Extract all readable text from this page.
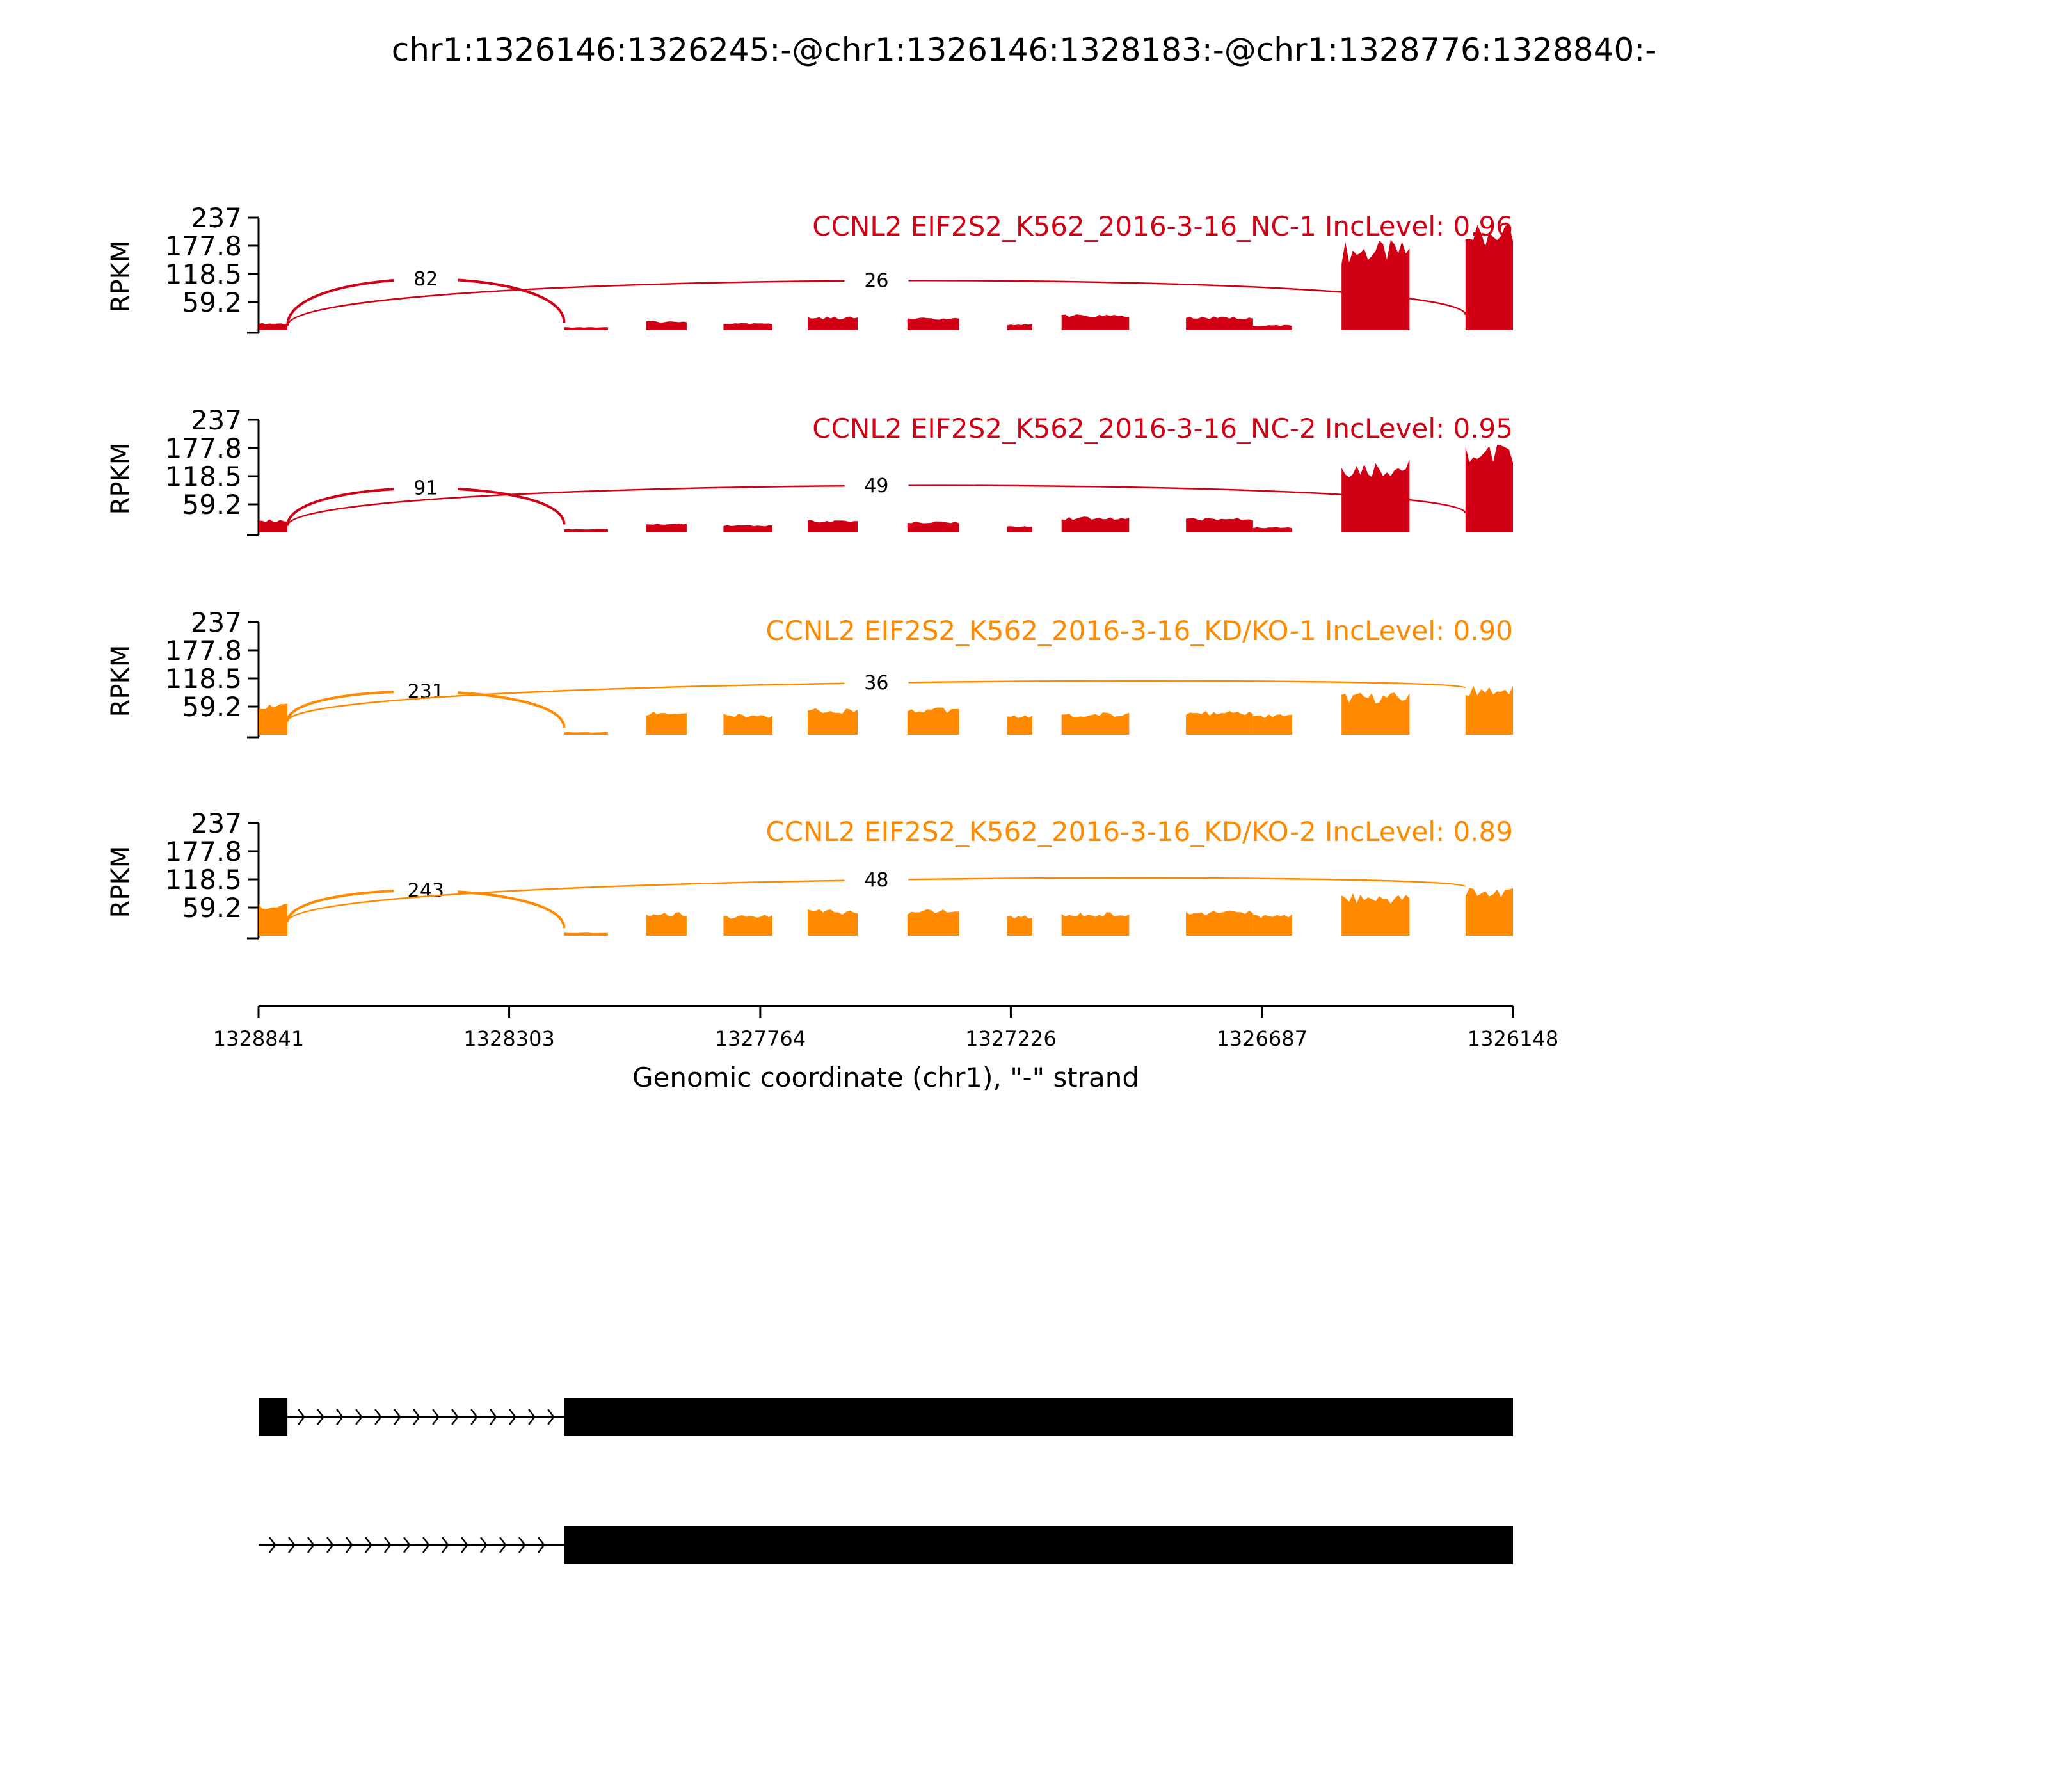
chr1:1326146:1326245:-@chr1:1326146:1328183:-@chr1:1328776:1328840:-
237
177.8
118.5
59.2
RPKM	82	26
CCNL2 EIF2S2_K562_2016-3-16_NC-1 IncLevel: 0.96
237
177.8
118.5
59.2
RPKM	91	49
CCNL2 EIF2S2_K562_2016-3-16_NC-2 IncLevel: 0.95
237
177.8
118.5
59.2
RPKM	231	36
CCNL2 EIF2S2_K562_2016-3-16_KD/KO-1 IncLevel: 0.90
237
177.8
118.5
59.2
RPKM	243	48
CCNL2 EIF2S2_K562_2016-3-16_KD/KO-2 IncLevel: 0.89
Genomic coordinate (chr1), "-" strand
1328841	1328303	1327764	1327226	1326687	1326148
